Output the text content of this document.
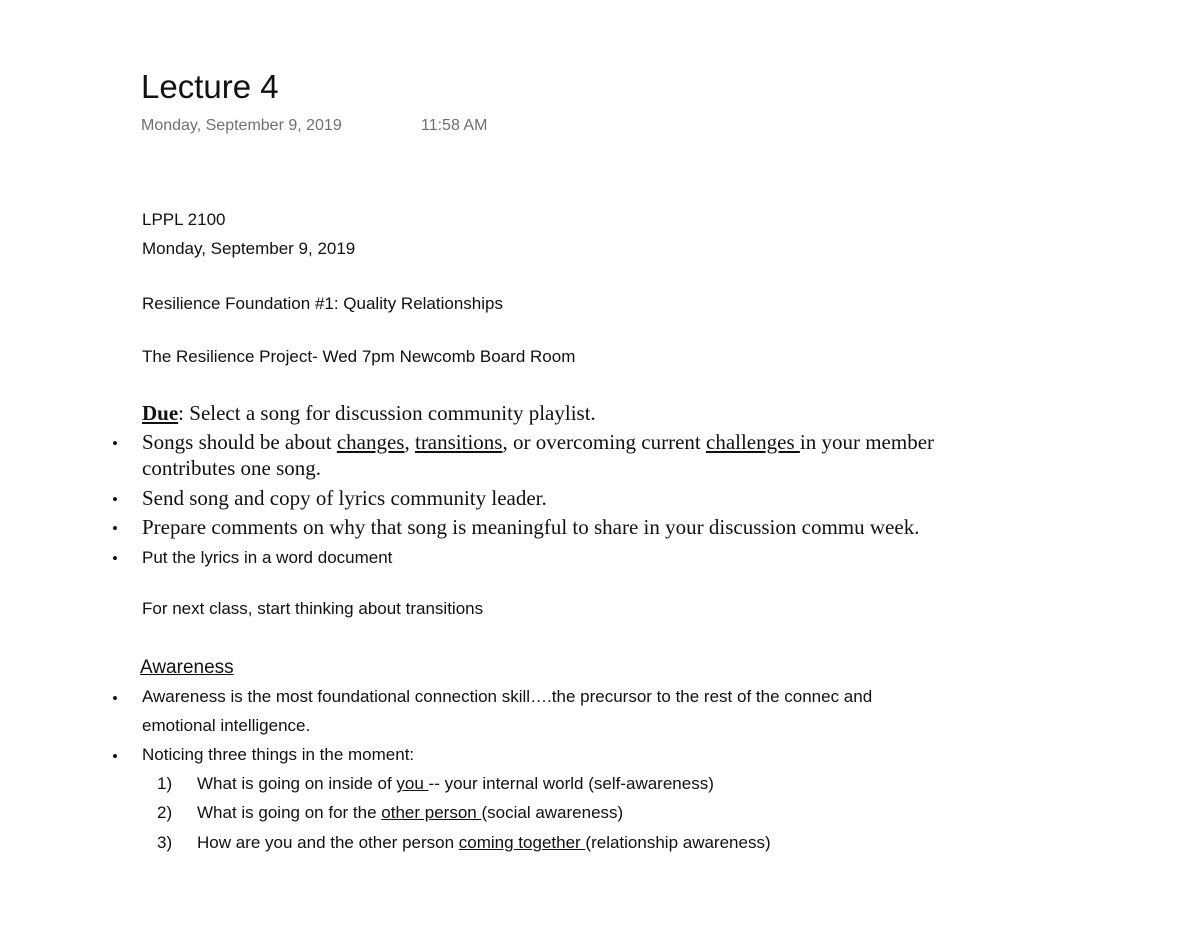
Lecture 4
Monday, September 9, 2019	11:58 AM
LPPL 2100
Monday, September 9, 2019
Resilience Foundation #1: Quality Relationships
The Resilience Project- Wed 7pm Newcomb Board Room
Due: Select a song for discussion community playlist.
• Songs should be about changes, transitions, or overcoming current challenges in your member
contributes one song.
• Send song and copy of lyrics community leader.
• Prepare comments on why that song is meaningful to share in your discussion commu week.
• Put the lyrics in a word document
For next class, start thinking about transitions
Awareness
• Awareness is the most foundational connection skill….the precursor to the rest of the connec and
emotional intelligence.
• Noticing three things in the moment:
1) What is going on inside of you -- your internal world (self-awareness)
2) What is going on for the other person (social awareness)
3) How are you and the other person coming together (relationship awareness)
